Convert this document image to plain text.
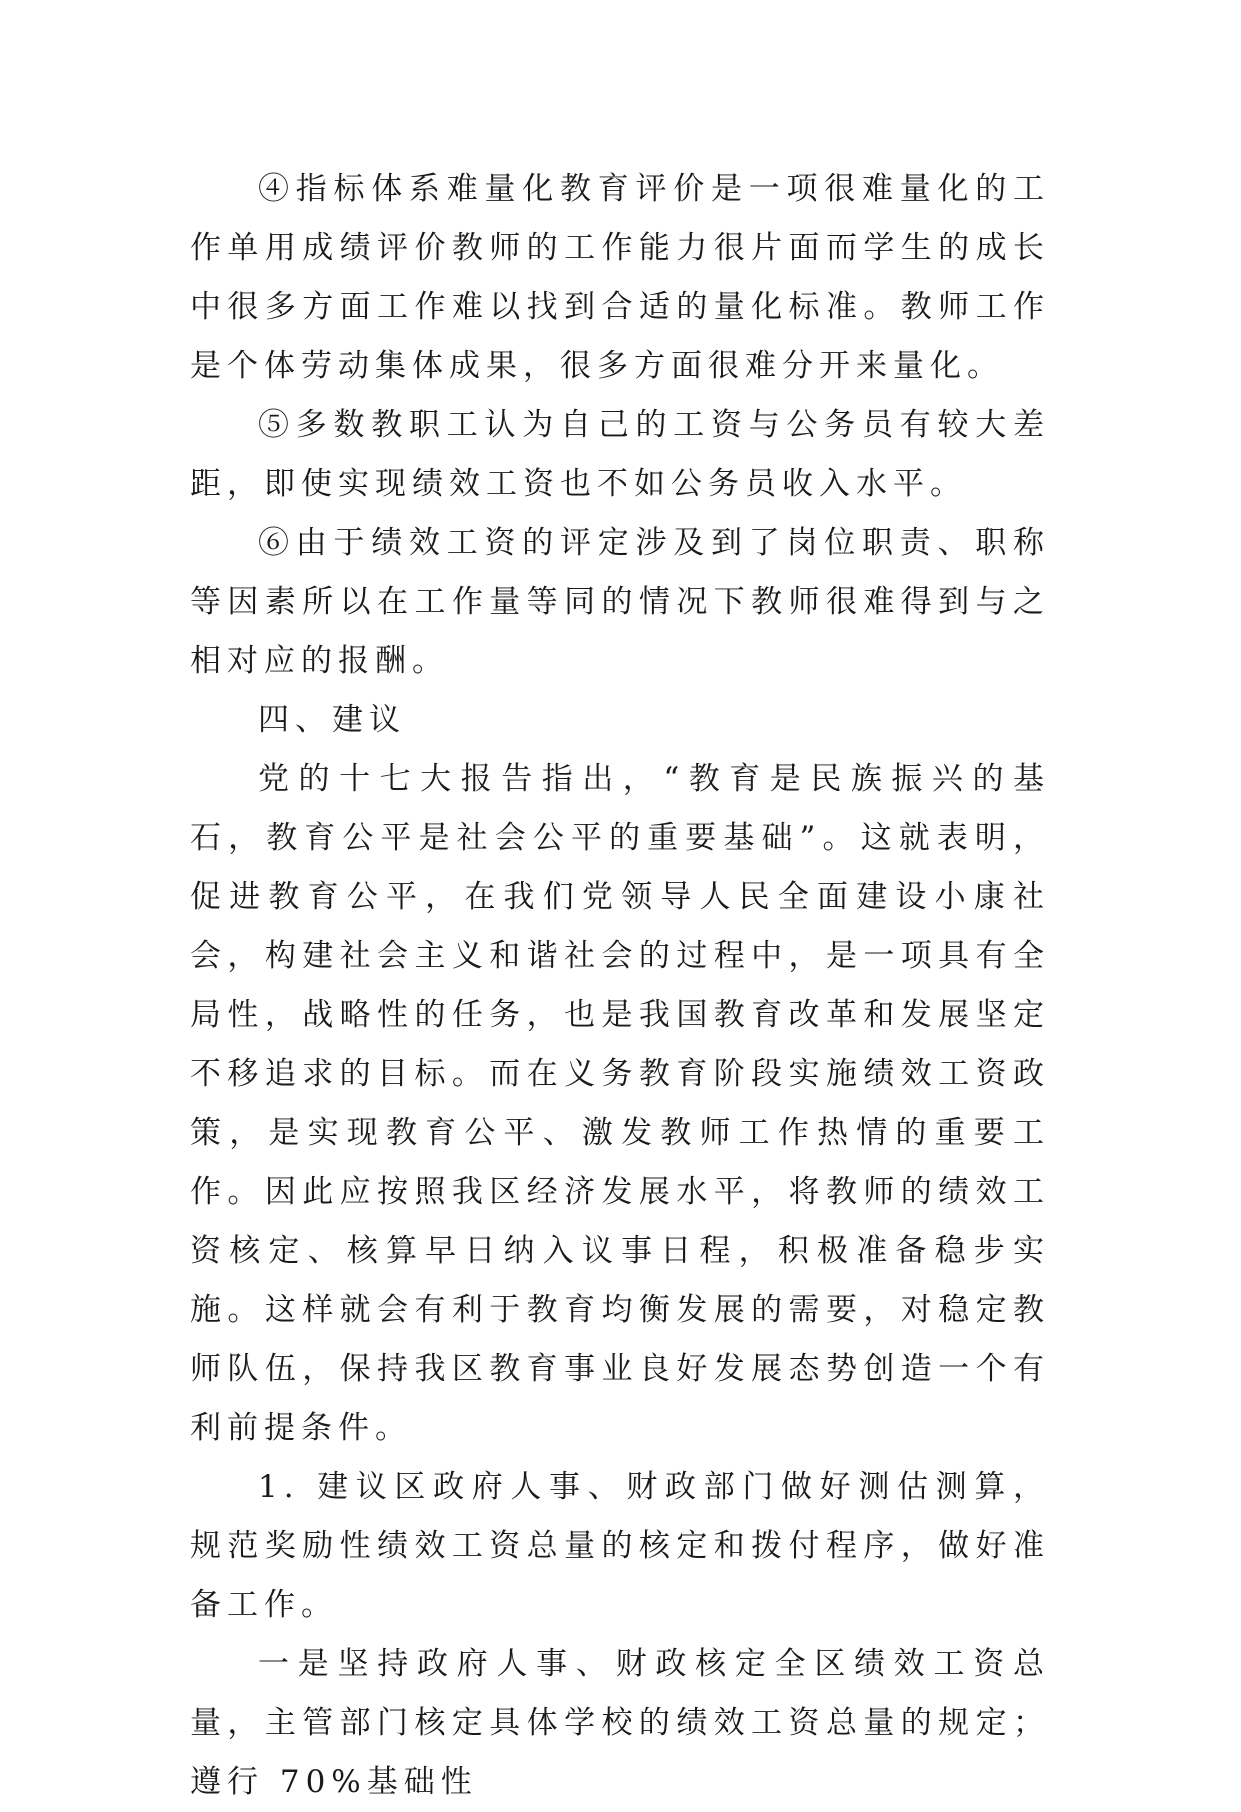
④指标体系难量化教育评价是一项很难量化的工作单用成绩评价教师的工作能力很片面而学生的成长中很多方面工作难以找到合适的量化标准。教师工作是个体劳动集体成果，很多方面很难分开来量化。

⑤多数教职工认为自己的工资与公务员有较大差距，即使实现绩效工资也不如公务员收入水平。

⑥由于绩效工资的评定涉及到了岗位职责、职称等因素所以在工作量等同的情况下教师很难得到与之相对应的报酬。

四、建议

党的十七大报告指出，“教育是民族振兴的基石，教育公平是社会公平的重要基础”。这就表明，促进教育公平，在我们党领导人民全面建设小康社会，构建社会主义和谐社会的过程中，是一项具有全局性，战略性的任务，也是我国教育改革和发展坚定不移追求的目标。而在义务教育阶段实施绩效工资政策，是实现教育公平、激发教师工作热情的重要工作。因此应按照我区经济发展水平，将教师的绩效工资核定、核算早日纳入议事日程，积极准备稳步实施。这样就会有利于教育均衡发展的需要，对稳定教师队伍，保持我区教育事业良好发展态势创造一个有利前提条件。

1. 建议区政府人事、财政部门做好测估测算，规范奖励性绩效工资总量的核定和拨付程序，做好准备工作。

一是坚持政府人事、财政核定全区绩效工资总量，主管部门核定具体学校的绩效工资总量的规定；遵行 70%基础性
